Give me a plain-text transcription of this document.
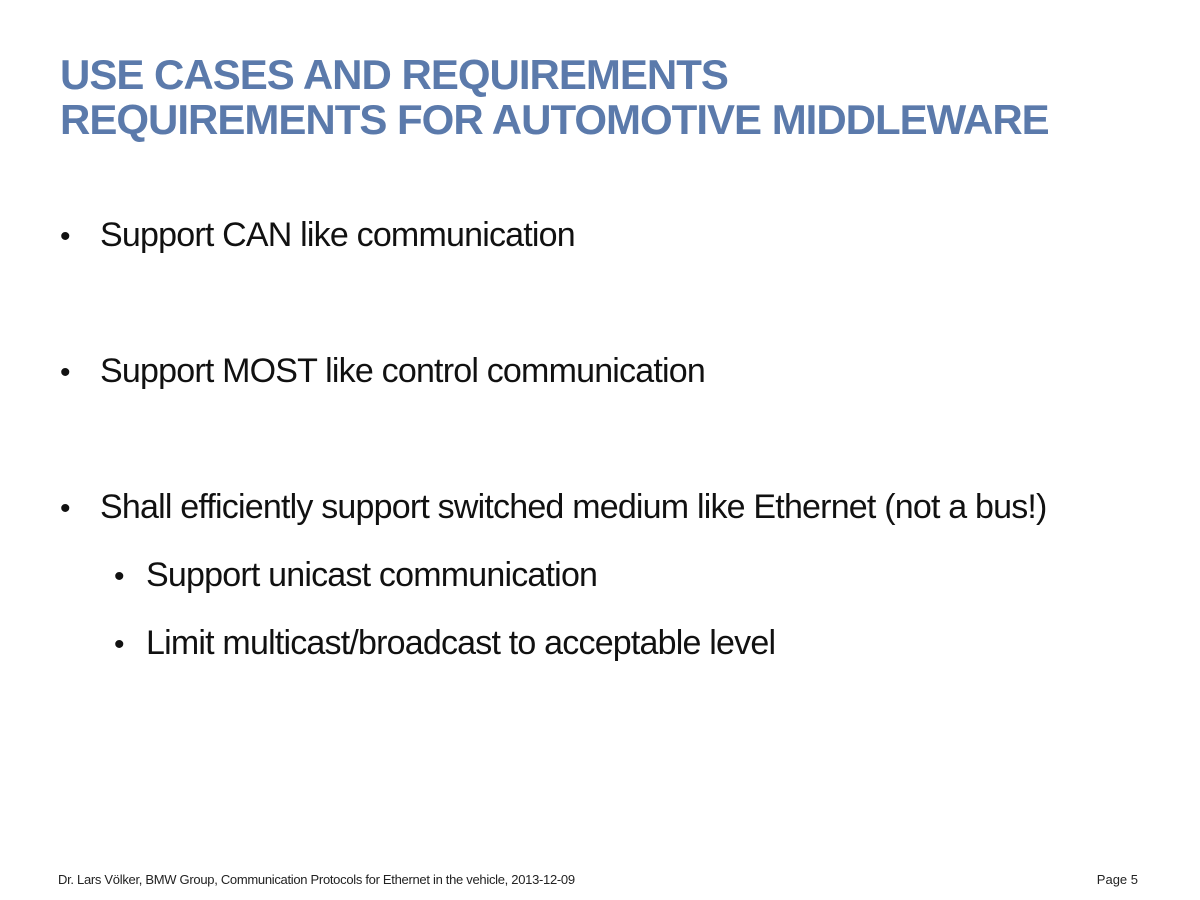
USE CASES AND REQUIREMENTS
REQUIREMENTS FOR AUTOMOTIVE MIDDLEWARE
• Support CAN like communication
• Support MOST like control communication
• Shall efficiently support switched medium like Ethernet (not a bus!)
• Support unicast communication
• Limit multicast/broadcast to acceptable level
Dr. Lars Völker, BMW Group, Communication Protocols for Ethernet in the vehicle, 2013-12-09	Page 5
